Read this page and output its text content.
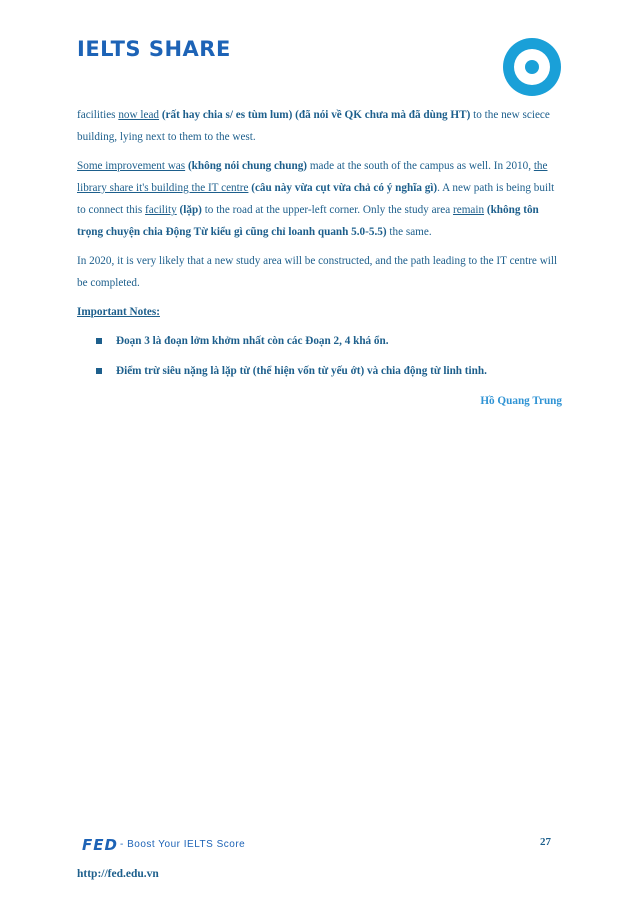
IELTS SHARE

facilities now lead (rất hay chia s/ es tùm lum) (đã nói về QK chưa mà đã dùng HT) to the new sciece building, lying next to them to the west.

Some improvement was (không nói chung chung) made at the south of the campus as well. In 2010, the library share it's building the IT centre (câu này vừa cụt vừa chả có ý nghĩa gì). A new path is being built to connect this facility (lặp) to the road at the upper-left corner. Only the study area remain (không tôn trọng chuyện chia Động Từ kiểu gì cũng chỉ loanh quanh 5.0-5.5) the same.

In 2020, it is very likely that a new study area will be constructed, and the path leading to the IT centre will be completed.

Important Notes:

Đoạn 3 là đoạn lởm khởm nhất còn các Đoạn 2, 4 khá ổn.
Điểm trừ siêu nặng là lặp từ (thể hiện vốn từ yếu ớt) và chia động từ linh tinh.

Hồ Quang Trung

FED - Boost Your IELTS Score	27
http://fed.edu.vn
